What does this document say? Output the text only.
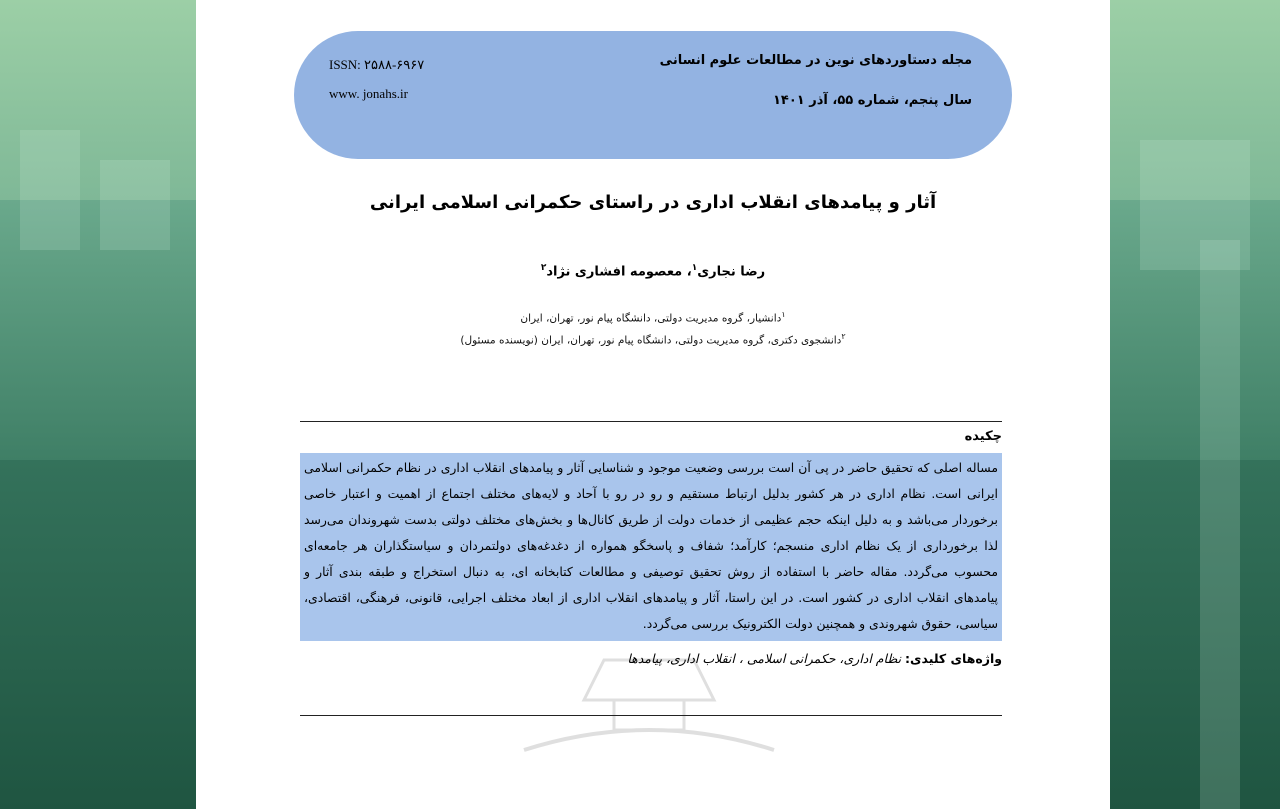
مجله دستاوردهای نوین در مطالعات علوم انسانی
سال پنجم، شماره ۵۵، آذر ۱۴۰۱
ISSN: ۲۵۸۸-۶۹۶۷
www. jonahs.ir
آثار و پیامدهای انقلاب اداری در راستای حکمرانی اسلامی ایرانی
رضا نجاری$^۱$، معصومه افشاری نژاد$^۲$
$^۱$دانشیار، گروه مدیریت دولتی، دانشگاه پیام نور، تهران، ایران
$^۲$دانشجوی دکتری، گروه مدیریت دولتی، دانشگاه پیام نور، تهران، ایران (نویسنده مسئول)
چکیده
مساله اصلی که تحقیق حاضر در پی آن است بررسی وضعیت موجود و شناسایی آثار و پیامدهای انقلاب اداری در نظام حکمرانی اسلامی ایرانی است. نظام اداری در هر کشور بدلیل ارتباط مستقیم و رو در رو با آحاد و لایه‌های مختلف اجتماع از اهمیت و اعتبار خاصی برخوردار می‌باشد و به دلیل اینکه حجم عظیمی از خدمات دولت از طریق کانال‌ها و بخش‌های مختلف دولتی بدست شهروندان می‌رسد لذا برخورداری از یک نظام اداری منسجم؛ کارآمد؛ شفاف و پاسخگو همواره از دغدغه‌های دولتمردان و سیاستگذاران هر جامعه‌ای محسوب می‌گردد. مقاله حاضر با استفاده از روش تحقیق توصیفی و مطالعات کتابخانه ای، به دنبال استخراج و طبقه بندی آثار و پیامدهای انقلاب اداری در کشور است. در این راستا، آثار و پیامدهای انقلاب اداری از ابعاد مختلف اجرایی، قانونی، فرهنگی، اقتصادی، سیاسی، حقوق شهروندی و همچنین دولت الکترونیک بررسی می‌گردد.
واژه‌های کلیدی: نظام اداری، حکمرانی اسلامی ، انقلاب اداری، پیامدها
